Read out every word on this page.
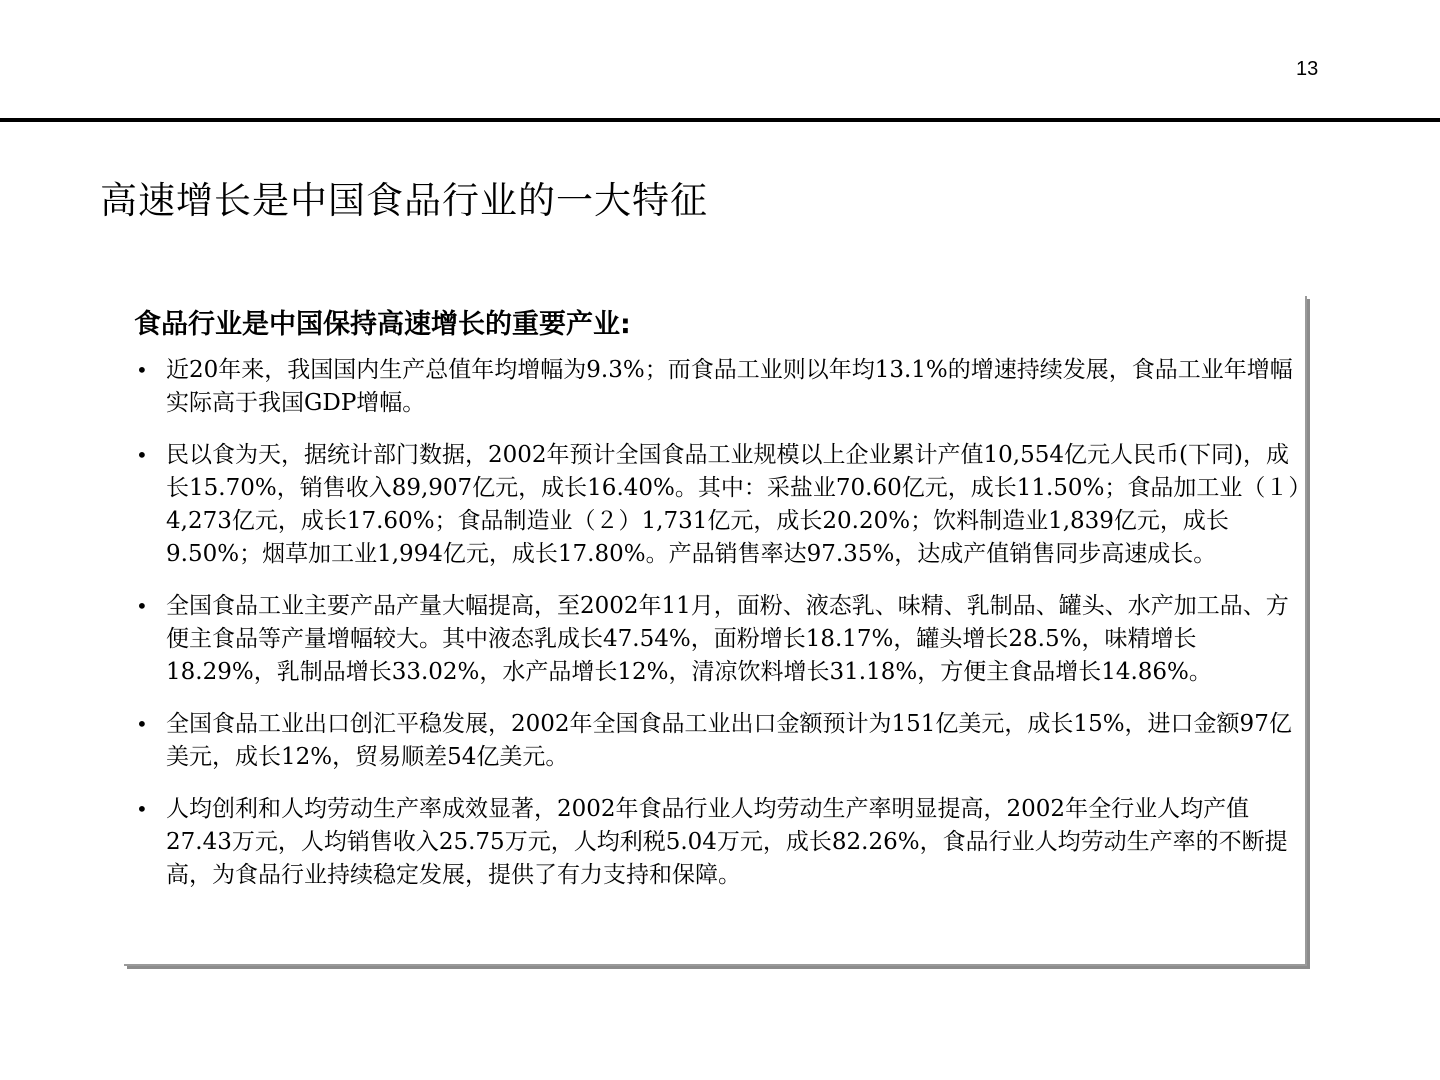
13
高速增长是中国食品行业的一大特征
食品行业是中国保持高速增长的重要产业:
• 近20年来，我国国内生产总值年均增幅为9.3%；而食品工业则以年均13.1%的增速持续发展，食品工业年增幅实际高于我国GDP增幅。
• 民以食为天，据统计部门数据，2002年预计全国食品工业规模以上企业累计产值10,554亿元人民币(下同)，成长15.70%，销售收入89,907亿元，成长16.40%。其中：采盐业70.60亿元，成长11.50%；食品加工业（１）4,273亿元，成长17.60%；食品制造业（２）1,731亿元，成长20.20%；饮料制造业1,839亿元，成长9.50%；烟草加工业1,994亿元，成长17.80%。产品销售率达97.35%，达成产值销售同步高速成长。
• 全国食品工业主要产品产量大幅提高，至2002年11月，面粉、液态乳、味精、乳制品、罐头、水产加工品、方便主食品等产量增幅较大。其中液态乳成长47.54%，面粉增长18.17%，罐头增长28.5%，味精增长18.29%，乳制品增长33.02%，水产品增长12%，清凉饮料增长31.18%，方便主食品增长14.86%。
• 全国食品工业出口创汇平稳发展，2002年全国食品工业出口金额预计为151亿美元，成长15%，进口金额97亿美元，成长12%，贸易顺差54亿美元。
• 人均创利和人均劳动生产率成效显著，2002年食品行业人均劳动生产率明显提高，2002年全行业人均产值27.43万元，人均销售收入25.75万元，人均利税5.04万元，成长82.26%，食品行业人均劳动生产率的不断提高，为食品行业持续稳定发展，提供了有力支持和保障。
